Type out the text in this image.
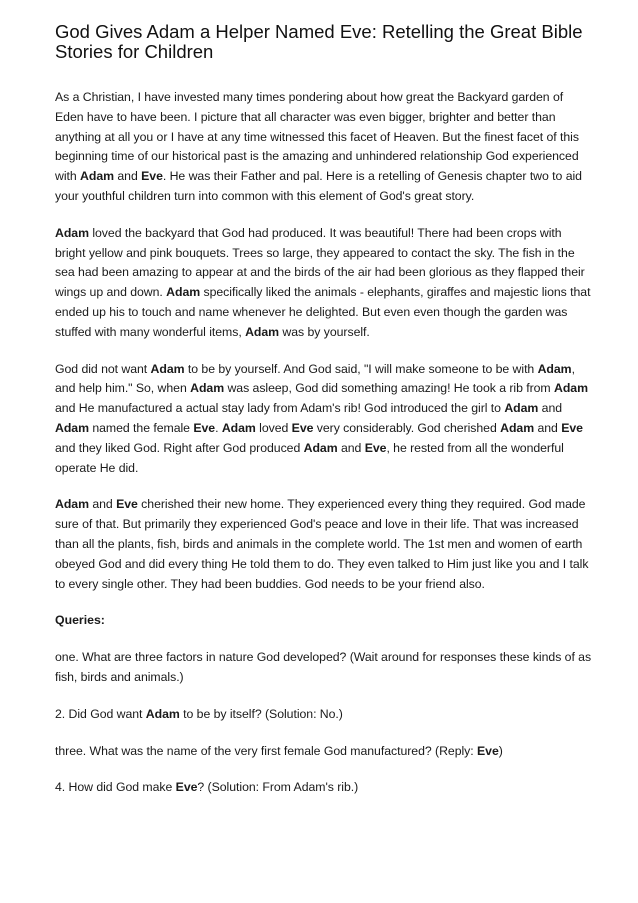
God Gives Adam a Helper Named Eve: Retelling the Great Bible Stories for Children

As a Christian, I have invested many times pondering about how great the Backyard garden of Eden have to have been. I picture that all character was even bigger, brighter and better than anything at all you or I have at any time witnessed this facet of Heaven. But the finest facet of this beginning time of our historical past is the amazing and unhindered relationship God experienced with Adam and Eve. He was their Father and pal. Here is a retelling of Genesis chapter two to aid your youthful children turn into common with this element of God's great story.

Adam loved the backyard that God had produced. It was beautiful! There had been crops with bright yellow and pink bouquets. Trees so large, they appeared to contact the sky. The fish in the sea had been amazing to appear at and the birds of the air had been glorious as they flapped their wings up and down. Adam specifically liked the animals - elephants, giraffes and majestic lions that ended up his to touch and name whenever he delighted. But even even though the garden was stuffed with many wonderful items, Adam was by yourself.

God did not want Adam to be by yourself. And God said, "I will make someone to be with Adam, and help him." So, when Adam was asleep, God did something amazing! He took a rib from Adam and He manufactured a actual stay lady from Adam's rib! God introduced the girl to Adam and Adam named the female Eve. Adam loved Eve very considerably. God cherished Adam and Eve and they liked God. Right after God produced Adam and Eve, he rested from all the wonderful operate He did.

Adam and Eve cherished their new home. They experienced every thing they required. God made sure of that. But primarily they experienced God's peace and love in their life. That was increased than all the plants, fish, birds and animals in the complete world. The 1st men and women of earth obeyed God and did every thing He told them to do. They even talked to Him just like you and I talk to every single other. They had been buddies. God needs to be your friend also.

Queries:

one. What are three factors in nature God developed? (Wait around for responses these kinds of as fish, birds and animals.)

2. Did God want Adam to be by itself? (Solution: No.)

three. What was the name of the very first female God manufactured? (Reply: Eve)

4. How did God make Eve? (Solution: From Adam's rib.)
